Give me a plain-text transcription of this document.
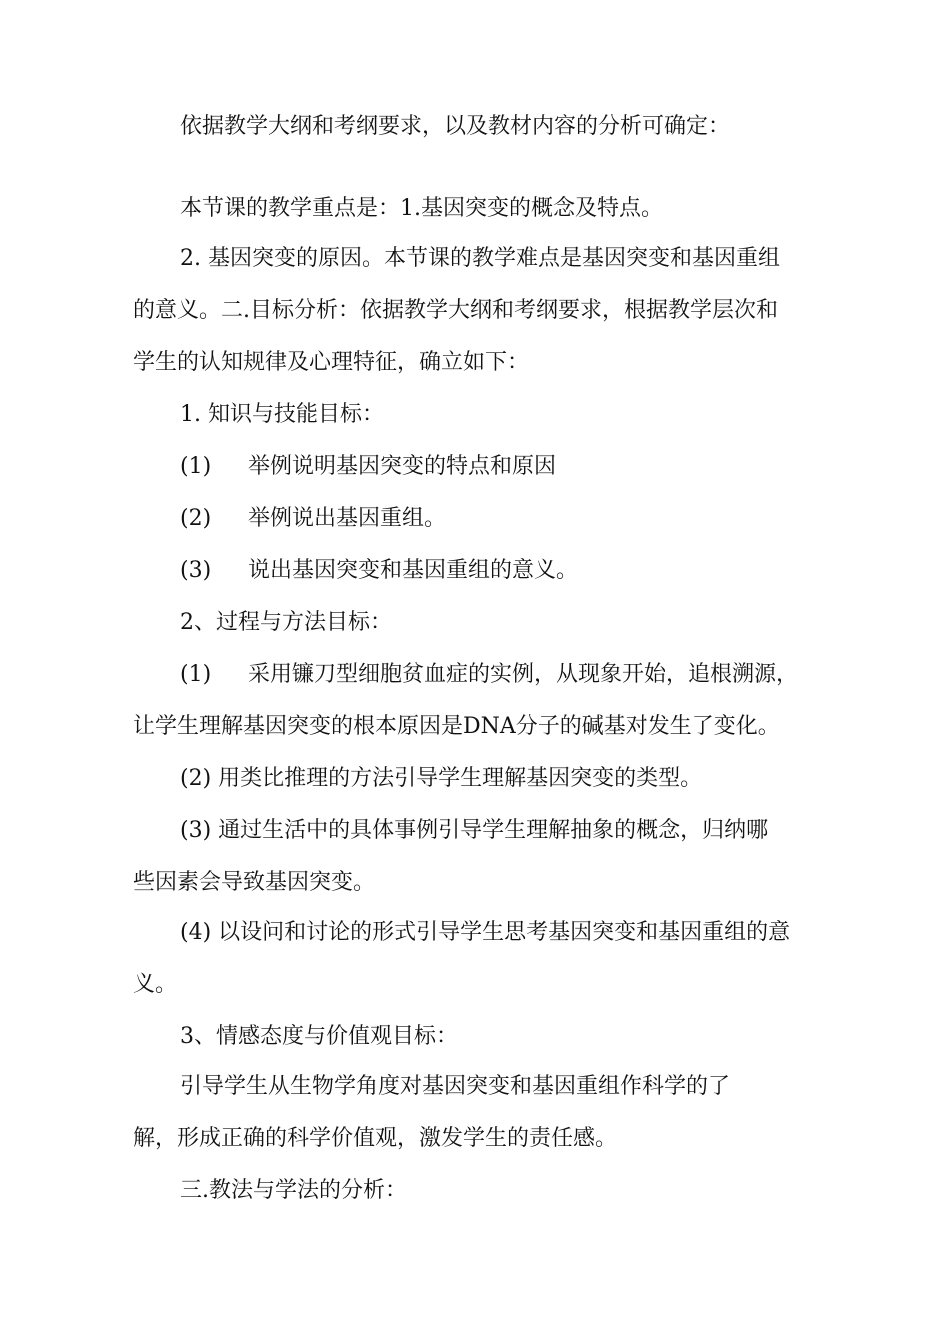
依据教学大纲和考纲要求，以及教材内容的分析可确定：
本节课的教学重点是：1.基因突变的概念及特点。
2. 基因突变的原因。本节课的教学难点是基因突变和基因重组
的意义。二.目标分析：依据教学大纲和考纲要求，根据教学层次和
学生的认知规律及心理特征，确立如下：
1. 知识与技能目标：
(1) 举例说明基因突变的特点和原因
(2) 举例说出基因重组。
(3) 说出基因突变和基因重组的意义。
2、过程与方法目标：
(1) 采用镰刀型细胞贫血症的实例，从现象开始，追根溯源，
让学生理解基因突变的根本原因是DNA分子的碱基对发生了变化。
(2) 用类比推理的方法引导学生理解基因突变的类型。
(3) 通过生活中的具体事例引导学生理解抽象的概念，归纳哪
些因素会导致基因突变。
(4) 以设问和讨论的形式引导学生思考基因突变和基因重组的意
义。
3、情感态度与价值观目标：
引导学生从生物学角度对基因突变和基因重组作科学的了
解，形成正确的科学价值观，激发学生的责任感。
三.教法与学法的分析：
